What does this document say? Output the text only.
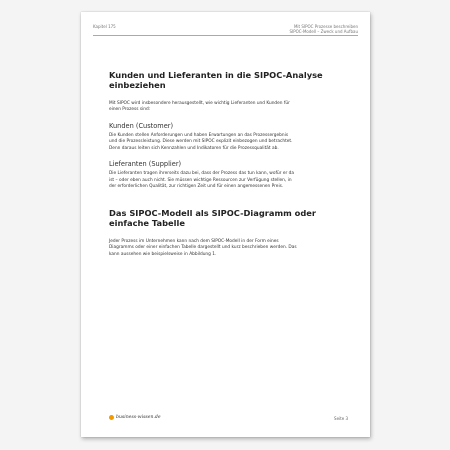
Kapitel 175	Mit SIPOC Prozesse beschreiben
SIPOC-Modell – Zweck und Aufbau
Kunden und Lieferanten in die SIPOC-Analyse
einbeziehen

Mit SIPOC wird insbesondere herausgestellt, wie wichtig Lieferanten und Kunden für
einen Prozess sind:

Kunden (Customer)

Die Kunden stellen Anforderungen und haben Erwartungen an das Prozessergebnis
und die Prozessleistung. Diese werden mit SIPOC explizit einbezogen und betrachtet.
Denn daraus leiten sich Kennzahlen und Indikatoren für die Prozessqualität ab.

Lieferanten (Supplier)

Die Lieferanten tragen ihrerseits dazu bei, dass der Prozess das tun kann, wofür er da
ist – oder eben auch nicht. Sie müssen wichtige Ressourcen zur Verfügung stellen, in
der erforderlichen Qualität, zur richtigen Zeit und für einen angemessenen Preis.

Das SIPOC-Modell als SIPOC-Diagramm oder
einfache Tabelle

Jeder Prozess im Unternehmen kann nach dem SIPOC-Modell in der Form eines
Diagramms oder einer einfachen Tabelle dargestellt und kurz beschrieben werden. Das
kann aussehen wie beispielsweise in Abbildung 1.

business-wissen.de	Seite 3
